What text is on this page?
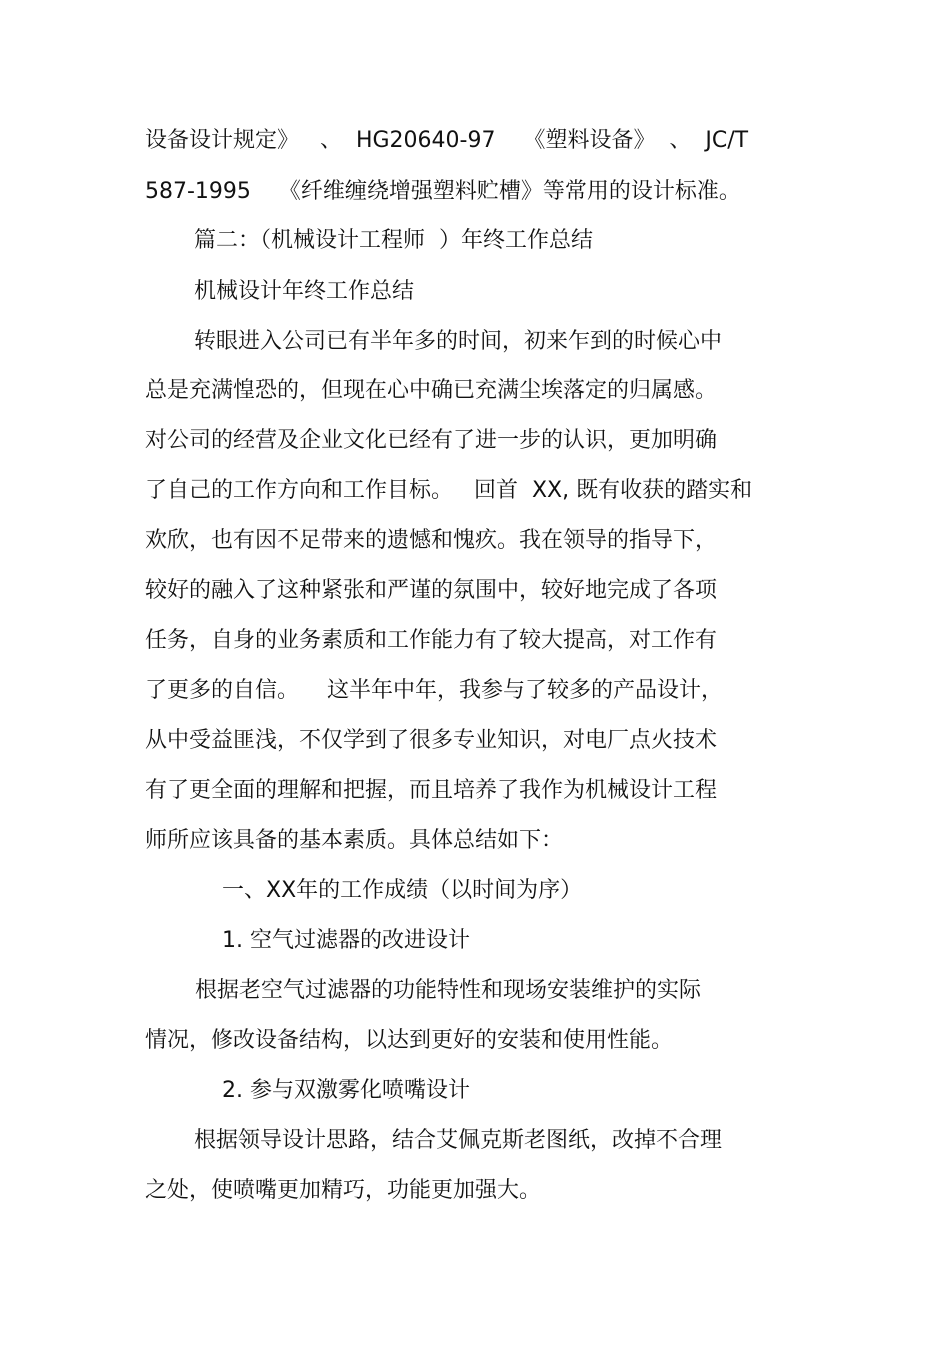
设备设计规定》   、  HG20640-97    《塑料设备》  、  JC/T
587-1995    《纤维缠绕增强塑料贮槽》等常用的设计标准。
篇二：（机械设计工程师  ）年终工作总结
机械设计年终工作总结
转眼进入公司已有半年多的时间，初来乍到的时候心中
总是充满惶恐的，但现在心中确已充满尘埃落定的归属感。
对公司的经营及企业文化已经有了进一步的认识，更加明确
了自己的工作方向和工作目标。   回首  XX, 既有收获的踏实和
欢欣，也有因不足带来的遗憾和愧疚。我在领导的指导下，
较好的融入了这种紧张和严谨的氛围中，较好地完成了各项
任务，自身的业务素质和工作能力有了较大提高，对工作有
了更多的自信。    这半年中年，我参与了较多的产品设计，
从中受益匪浅，不仅学到了很多专业知识，对电厂点火技术
有了更全面的理解和把握，而且培养了我作为机械设计工程
师所应该具备的基本素质。具体总结如下：
一、XX年的工作成绩（以时间为序）
1. 空气过滤器的改进设计
根据老空气过滤器的功能特性和现场安装维护的实际
情况，修改设备结构，以达到更好的安装和使用性能。
2. 参与双激雾化喷嘴设计
根据领导设计思路，结合艾佩克斯老图纸，改掉不合理
之处，使喷嘴更加精巧，功能更加强大。
